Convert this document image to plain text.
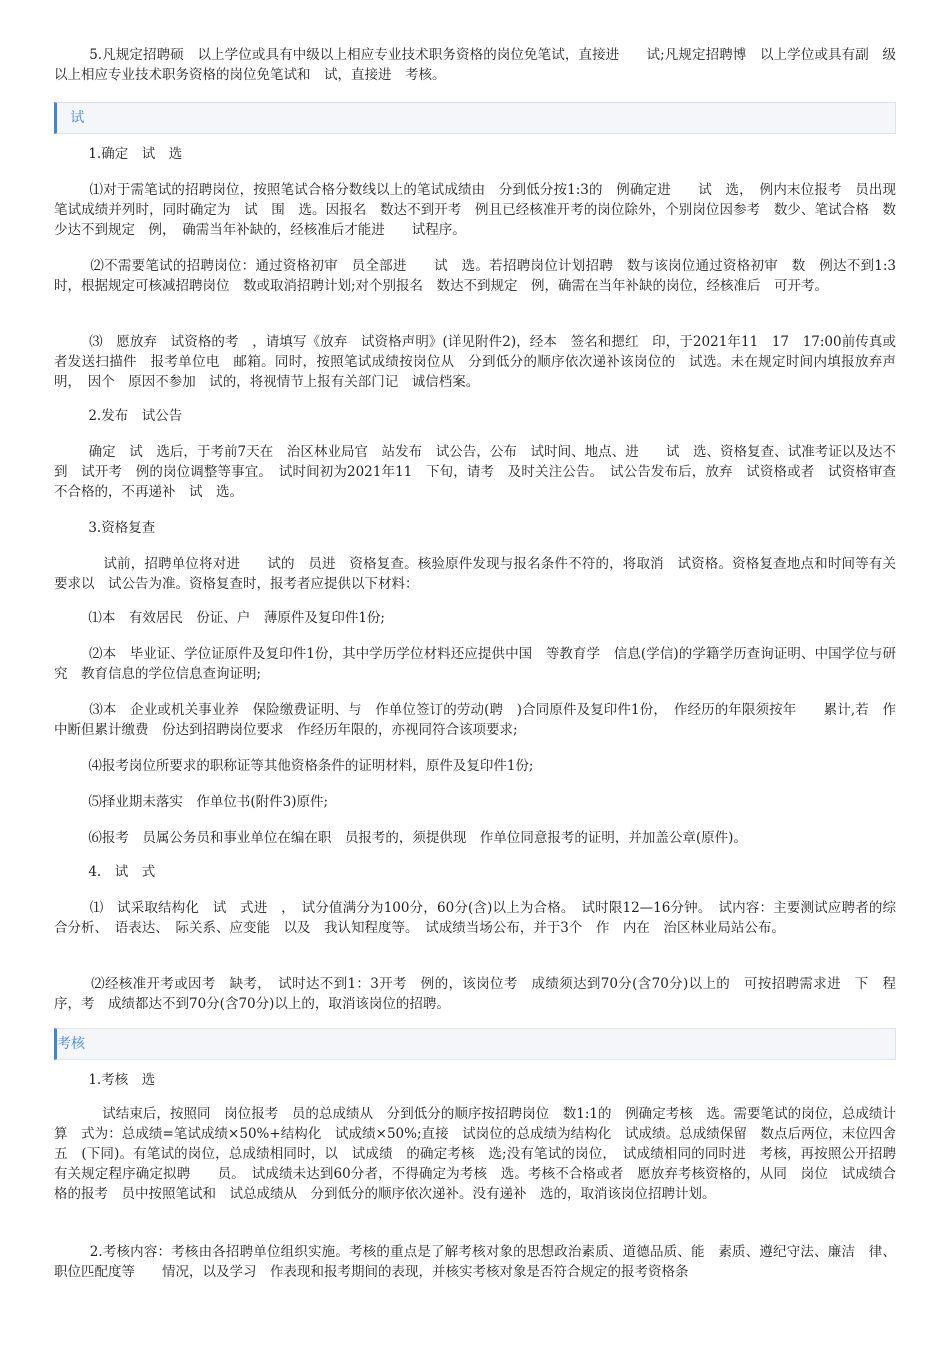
5.凡规定招聘硕　以上学位或具有中级以上相应专业技术职务资格的岗位免笔试，直接进　　试;凡规定招聘博　以上学位或具有副　级以上相应专业技术职务资格的岗位免笔试和　试，直接进　考核。

试

1.确定　试　选

⑴对于需笔试的招聘岗位，按照笔试合格分数线以上的笔试成绩由　分到低分按1:3的　例确定进　　试　选，　例内末位报考　员出现笔试成绩并列时，同时确定为　试　围　选。因报名　数达不到开考　例且已经核准开考的岗位除外，个别岗位因参考　数少、笔试合格　数少达不到规定　例，　确需当年补缺的，经核准后才能进　　试程序。

⑵不需要笔试的招聘岗位：通过资格初审　员全部进　　试　选。若招聘岗位计划招聘　数与该岗位通过资格初审　数　例达不到1:3时，根据规定可核减招聘岗位　数或取消招聘计划;对个别报名　数达不到规定　例，确需在当年补缺的岗位，经核准后　可开考。

⑶　愿放弃　试资格的考　，请填写《放弃　试资格声明》(详见附件2)，经本　签名和摁红　印，于2021年11　17　17:00前传真或者发送扫描件　报考单位电　邮箱。同时，按照笔试成绩按岗位从　分到低分的顺序依次递补该岗位的　试选。未在规定时间内填报放弃声明，　因个　原因不参加　试的，将视情节上报有关部门记　诚信档案。

2.发布　试公告

确定　试　选后，于考前7天在　治区林业局官　站发布　试公告，公布　试时间、地点、进　　试　选、资格复查、试准考证以及达不到　试开考　例的岗位调整等事宜。　试时间初为2021年11　下旬，请考　及时关注公告。　试公告发布后，放弃　试资格或者　试资格审查不合格的，不再递补　试　选。

3.资格复查

　试前，招聘单位将对进　　试的　员进　资格复查。核验原件发现与报名条件不符的，将取消　试资格。资格复查地点和时间等有关要求以　试公告为准。资格复查时，报考者应提供以下材料：

⑴本　有效居民　份证、户　薄原件及复印件1份;

⑵本　毕业证、学位证原件及复印件1份，其中学历学位材料还应提供中国　等教育学　信息(学信)的学籍学历查询证明、中国学位与研究　教育信息的学位信息查询证明;

⑶本　企业或机关事业养　保险缴费证明、与　作单位签订的劳动(聘　)合同原件及复印件1份，　作经历的年限须按年　　累计,若　作中断但累计缴费　份达到招聘岗位要求　作经历年限的，亦视同符合该项要求;

⑷报考岗位所要求的职称证等其他资格条件的证明材料，原件及复印件1份;

⑸择业期未落实　作单位书(附件3)原件;

⑹报考　员属公务员和事业单位在编在职　员报考的，须提供现　作单位同意报考的证明，并加盖公章(原件)。

4.　试　式

⑴　试采取结构化　试　式进　，　试分值满分为100分，60分(含)以上为合格。　试时限12—16分钟。　试内容：主要测试应聘者的综合分析、　语表达、　际关系、应变能　以及　我认知程度等。　试成绩当场公布，并于3个　作　内在　治区林业局站公布。

⑵经核准开考或因考　缺考，　试时达不到1：3开考　例的，该岗位考　成绩须达到70分(含70分)以上的　可按招聘需求进　下　程序，考　成绩都达不到70分(含70分)以上的，取消该岗位的招聘。

考核

1.考核　选

　试结束后，按照同　岗位报考　员的总成绩从　分到低分的顺序按招聘岗位　数1:1的　例确定考核　选。需要笔试的岗位，总成绩计算　式为：总成绩=笔试成绩×50%+结构化　试成绩×50%;直接　试岗位的总成绩为结构化　试成绩。总成绩保留　数点后两位，末位四舍五　(下同)。有笔试的岗位，总成绩相同时，以　试成绩　的确定考核　选;没有笔试的岗位，　试成绩相同的同时进　考核，再按照公开招聘有关规定程序确定拟聘　　员。　试成绩未达到60分者，不得确定为考核　选。考核不合格或者　愿放弃考核资格的，从同　岗位　试成绩合格的报考　员中按照笔试和　试总成绩从　分到低分的顺序依次递补。没有递补　选的，取消该岗位招聘计划。

2.考核内容：考核由各招聘单位组织实施。考核的重点是了解考核对象的思想政治素质、道德品质、能　素质、遵纪守法、廉洁　律、职位匹配度等　　情况，以及学习　作表现和报考期间的表现，并核实考核对象是否符合规定的报考资格条
